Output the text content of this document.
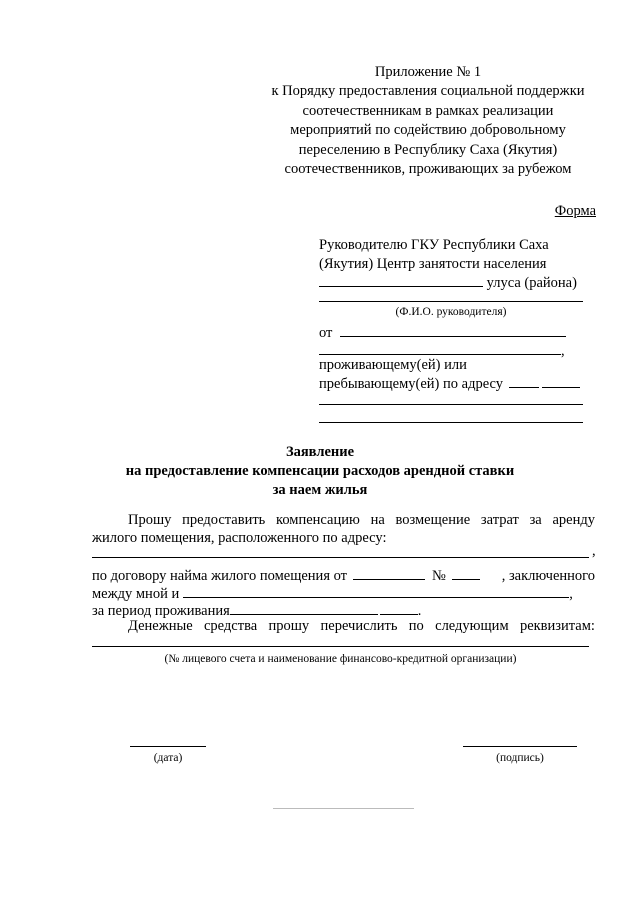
Приложение № 1
к Порядку предоставления социальной поддержки
соотечественникам в рамках реализации
мероприятий по содействию добровольному
переселению в Республику Саха (Якутия)
соотечественников, проживающих за рубежом
Форма
Руководителю ГКУ Республики Саха
(Якутия) Центр занятости населения
улуса (района)
(Ф.И.О. руководителя)
от
,
проживающему(ей) или
пребывающему(ей) по адресу
Заявление
на предоставление компенсации расходов арендной ставки
за наем жилья
Прошу предоставить компенсацию на возмещение затрат за аренду
жилого помещения, расположенного по адресу:
,
по договору найма жилого помещения от	№	, заключенного
между мной и	,
за период проживания	.
Денежные средства прошу перечислить по следующим реквизитам:
(№ лицевого счета и наименование финансово-кредитной организации)
(дата)	(подпись)
